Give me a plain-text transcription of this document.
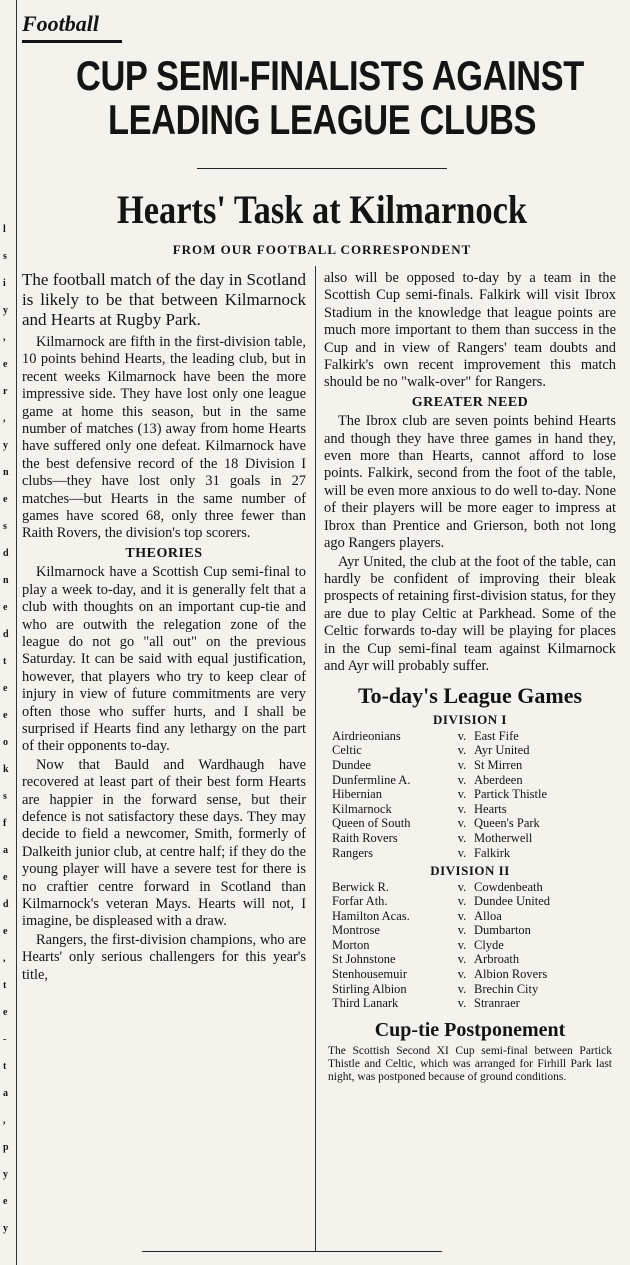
l
s
i
y
,
e
r
,
y
n
e
s
d
n
e
d
t
e
e
o
k
s
f
a
e
d
e
,
t
e
-
t
a
,
p
y
e
y
Football
CUP SEMI-FINALISTS AGAINST
LEADING LEAGUE CLUBS
Hearts' Task at Kilmarnock
FROM OUR FOOTBALL CORRESPONDENT

The football match of the day in Scotland is likely to be that between Kilmarnock and Hearts at Rugby Park.

Kilmarnock are fifth in the first-division table, 10 points behind Hearts, the leading club, but in recent weeks Kilmarnock have been the more impressive side. They have lost only one league game at home this season, but in the same number of matches (13) away from home Hearts have suffered only one defeat. Kilmarnock have the best defensive record of the 18 Division I clubs—they have lost only 31 goals in 27 matches—but Hearts in the same number of games have scored 68, only three fewer than Raith Rovers, the division's top scorers.

THEORIES

Kilmarnock have a Scottish Cup semi-final to play a week to-day, and it is generally felt that a club with thoughts on an important cup-tie and who are outwith the relegation zone of the league do not go "all out" on the previous Saturday. It can be said with equal justification, however, that players who try to keep clear of injury in view of future commitments are very often those who suffer hurts, and I shall be surprised if Hearts find any lethargy on the part of their opponents to-day.

Now that Bauld and Wardhaugh have recovered at least part of their best form Hearts are happier in the forward sense, but their defence is not satisfactory these days. They may decide to field a newcomer, Smith, formerly of Dalkeith junior club, at centre half; if they do the young player will have a severe test for there is no craftier centre forward in Scotland than Kilmarnock's veteran Mays. Hearts will not, I imagine, be displeased with a draw.

Rangers, the first-division champions, who are Hearts' only serious challengers for this year's title,

also will be opposed to-day by a team in the Scottish Cup semi-finals. Falkirk will visit Ibrox Stadium in the knowledge that league points are much more important to them than success in the Cup and in view of Rangers' team doubts and Falkirk's own recent improvement this match should be no "walk-over" for Rangers.

GREATER NEED

The Ibrox club are seven points behind Hearts and though they have three games in hand they, even more than Hearts, cannot afford to lose points. Falkirk, second from the foot of the table, will be even more anxious to do well to-day. None of their players will be more eager to impress at Ibrox than Prentice and Grierson, both not long ago Rangers players.

Ayr United, the club at the foot of the table, can hardly be confident of improving their bleak prospects of retaining first-division status, for they are due to play Celtic at Parkhead. Some of the Celtic forwards to-day will be playing for places in the Cup semi-final team against Kilmarnock and Ayr will probably suffer.

To-day's League Games
DIVISION I
Airdrieonians	v.	East Fife
Celtic	v.	Ayr United
Dundee	v.	St Mirren
Dunfermline A.	v.	Aberdeen
Hibernian	v.	Partick Thistle
Kilmarnock	v.	Hearts
Queen of South	v.	Queen's Park
Raith Rovers	v.	Motherwell
Rangers	v.	Falkirk
DIVISION II
Berwick R.	v.	Cowdenbeath
Forfar Ath.	v.	Dundee United
Hamilton Acas.	v.	Alloa
Montrose	v.	Dumbarton
Morton	v.	Clyde
St Johnstone	v.	Arbroath
Stenhousemuir	v.	Albion Rovers
Stirling Albion	v.	Brechin City
Third Lanark	v.	Stranraer
Cup-tie Postponement

The Scottish Second XI Cup semi-final between Partick Thistle and Celtic, which was arranged for Firhill Park last night, was postponed because of ground conditions.
